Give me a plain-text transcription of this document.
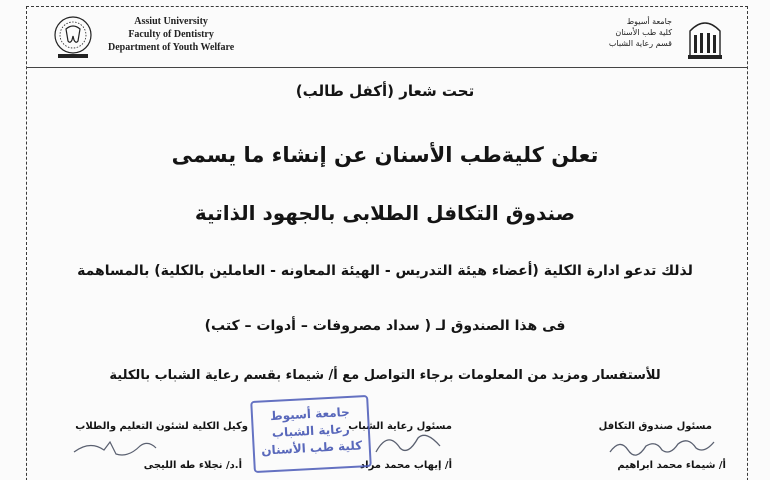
Assiut University
Faculty of Dentistry
Department of Youth Welfare
جامعة أسيوط
كلية طب الأسنان
قسم رعاية الشباب
تحت شعار (أكفل طالب)
تعلن كليةطب الأسنان عن إنشاء ما يسمى
صندوق التكافل الطلابى بالجهود الذاتية
لذلك تدعو ادارة الكلية (أعضاء هيئة التدريس - الهيئة المعاونه - العاملين بالكلية) بالمساهمة
فى هذا الصندوق لـ ( سداد مصروفات – أدوات – كتب)
للأستفسار ومزيد من المعلومات برجاء التواصل مع أ/ شيماء بقسم رعاية الشباب بالكلية
مسئول صندوق التكافل
أ/ شيماء محمد ابراهيم
مسئول رعاية الشباب
أ/ إيهاب محمد مراد
وكيل الكلية لشئون التعليم والطلاب
أ.د/ نجلاء طه الليجى
جامعة أسيوط
رعاية الشباب
كلية طب الأسنان
